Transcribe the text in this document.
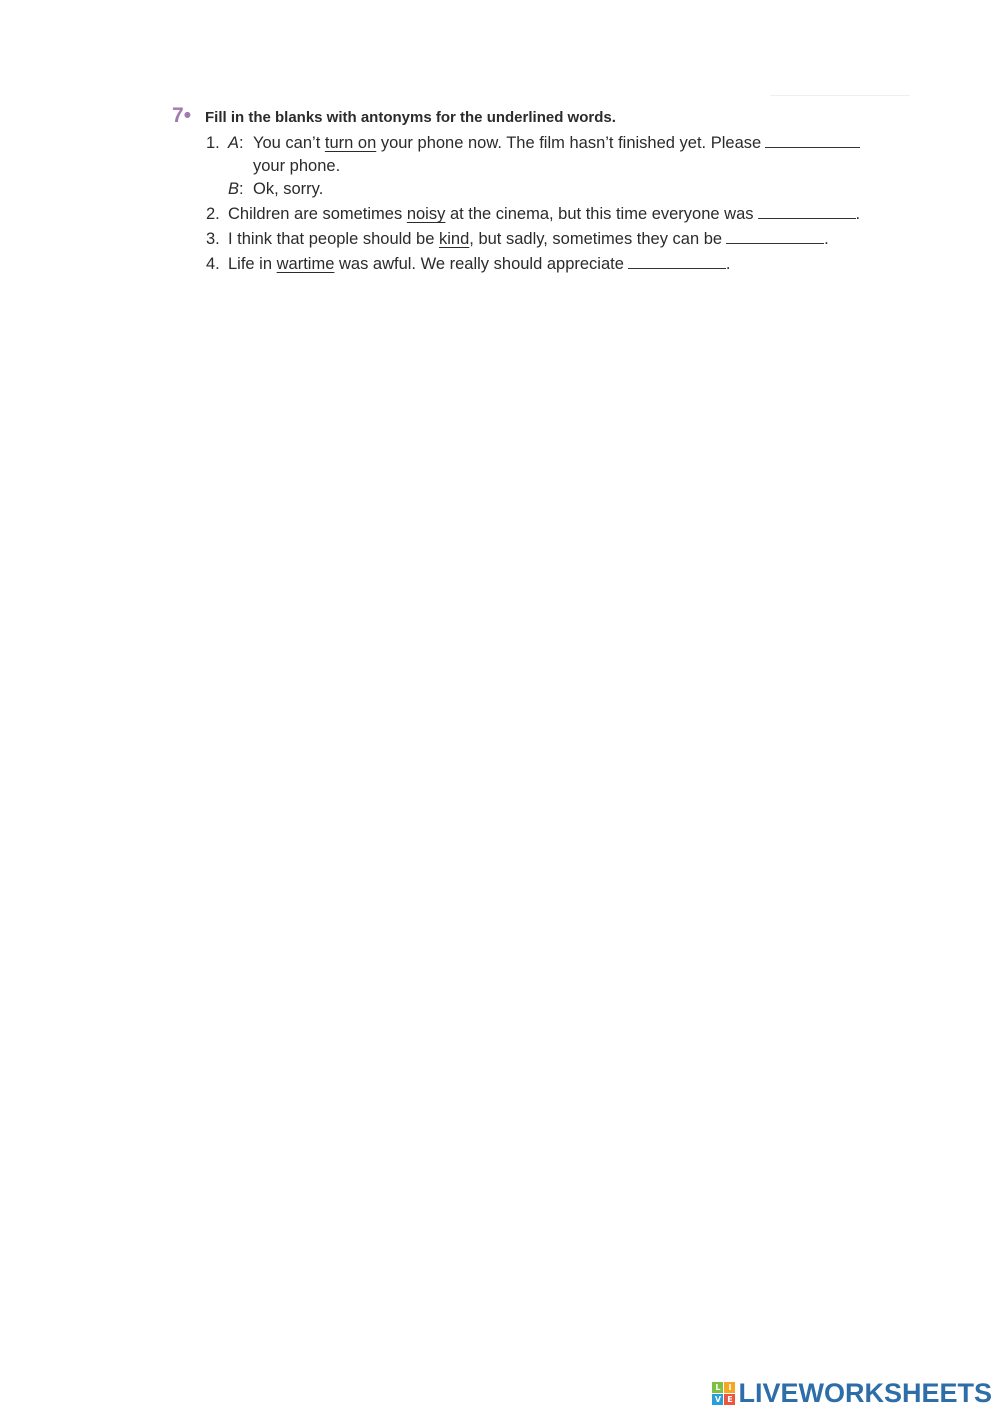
7• Fill in the blanks with antonyms for the underlined words.
1. A: You can’t turn on your phone now. The film hasn’t finished yet. Please
your phone.
B: Ok, sorry.
2. Children are sometimes noisy at the cinema, but this time everyone was	.
3. I think that people should be kind, but sadly, sometimes they can be	.
4. Life in wartime was awful. We really should appreciate	.
L I
V E LIVEWORKSHEETS
